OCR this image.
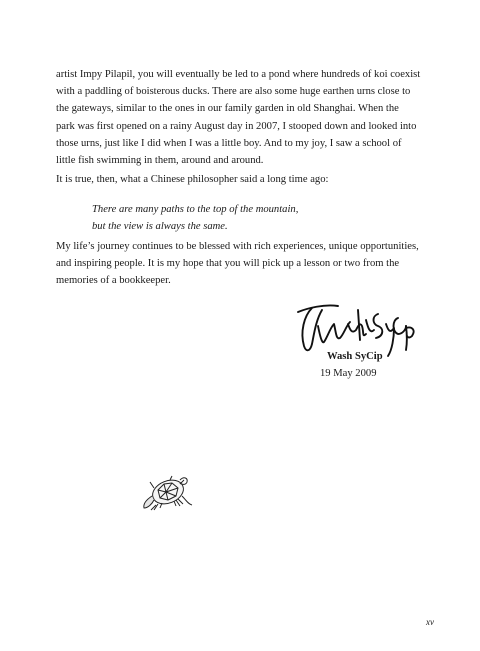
artist Impy Pilapil, you will eventually be led to a pond where hundreds of koi coexist
with a paddling of boisterous ducks. There are also some huge earthen urns close to
the gateways, similar to the ones in our family garden in old Shanghai. When the
park was first opened on a rainy August day in 2007, I stooped down and looked into
those urns, just like I did when I was a little boy. And to my joy, I saw a school of
little fish swimming in them, around and around.

It is true, then, what a Chinese philosopher said a long time ago:

There are many paths to the top of the mountain,
but the view is always the same.

My life’s journey continues to be blessed with rich experiences, unique opportunities,
and inspiring people. It is my hope that you will pick up a lesson or two from the
memories of a bookkeeper.

Wash SyCip
19 May 2009
xv
